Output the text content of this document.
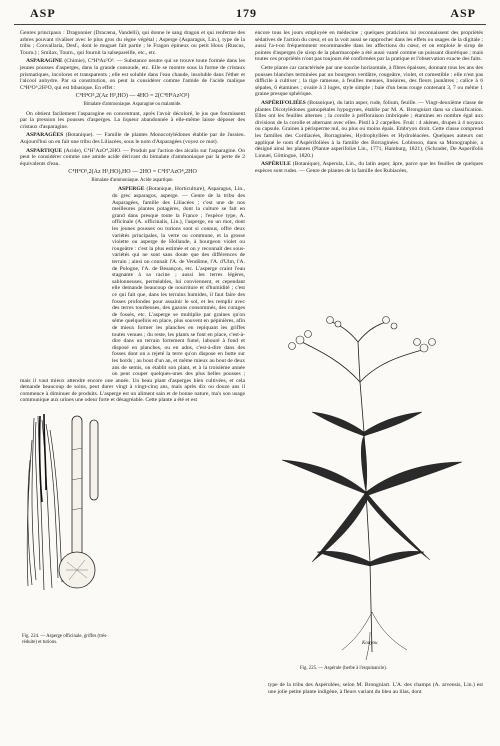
ASP	179	ASP

Genres principaux : Dragonnier (Dracæna, Vandelli), qui donne le sang dragon et qui renferme des arbres pouvant rivaliser avec le plus gros du règne végétal ; Asperge (Asparagus, Lin.), type de la tribu ; Convallaria, Desf., dont le muguet fait partie ; le Fragon épineux ou petit Houx (Ruscus, Tourn.) ; Smilax, Tourn., qui fournit la salsepareille, etc., etc.

ASPARAGINE (Chimie), C⁴H⁸Az²O³. — Substance neutre qui se trouve toute formée dans les jeunes pousses d'asperges, dans la grande consoude, etc. Elle se montre sous la forme de cristaux prismatiques, incolores et transparents ; elle est soluble dans l'eau chaude, insoluble dans l'éther et l'alcool anhydre. Par sa constitution, on peut la considérer comme l'amide de l'acide malique C⁴H⁶O⁵,2H²O, qui est bibasique. En effet :

C⁴H⁴O⁵,2(Az H³,HO) — 4HO = 2(C⁴H⁸Az²O³)

Bimalate d'ammoniaque. Asparagine ou malamide.

On obtient facilement l'asparagine en concentrant, après l'avoir décoloré, le jus que fournissent par la pression les pousses d'asperges. La liqueur abandonnée à elle-même laisse déposer des cristaux d'asparagine.

ASPARAGÉES (Botanique). — Famille de plantes Monocotylédones établie par de Jussieu. Aujourd'hui on en fait une tribu des Liliacées, sous le nom d'Asparagées (voyez ce mot).

ASPARTIQUE (Acide), C⁴H⁷AzO⁴,2HO. — Produit par l'action des alcalis sur l'asparagine. On peut le considérer comme une amide acide dérivant du bimalate d'ammoniaque par la perte de 2 équivalents d'eau.

C⁴H⁴O⁵,2(Az H³,HO),HO — 2HO = C⁴H⁷AzO⁴,2HO

Bimalate d'ammoniaque. Acide aspartique.

ASPERGE (Botanique, Horticulture), Asparagus, Lin., du grec asparagos, asperge. — Genre de la tribu des Asparagées, famille des Liliacées ; c'est une de nos meilleures plantes potagères, dont la culture se fait en grand dans presque toute la France ; l'espèce type, A. officinale (A. officinalis, Lin.), l'asperge, en un mot, dont les jeunes pousses ou turions sont si connus, offre deux variétés principales, la verte ou commune, et la grosse violette ou asperge de Hollande, à bourgeon violet ou rougeâtre : c'est la plus estimée et on y reconnaît des sous-variétés qui ne sont sans doute que des différences de terrain ; ainsi on connaît l'A. de Vendôme, l'A. d'Ulm, l'A. de Pologne, l'A. de Besançon, etc. L'asperge craint l'eau stagnante à sa racine ; aussi les terres légères, sablonneuses, perméables, lui conviennent, et cependant elle demande beaucoup de nourriture et d'humidité ; c'est ce qui fait que, dans les terrains humides, il faut faire des fosses profondes pour assainir le sol, et les remplir avec des terres tourbeuses, des gazons consommés, des curages de fossés, etc. L'asperge se multiplie par graines qu'on sème quelquefois en place, plus souvent en pépinières, afin de mieux former les planches en repiquant les griffes toutes venues ; du reste, les plants se font en place, c'est-à-dire dans un terrain fortement fumé, labouré à fond et disposé en planches, ou en ados, c'est-à-dire dans des fosses dont on a rejeté la terre qu'on dispose en butte sur les bords ; au bout d'un an, et même mieux au bout de deux ans de semis, on établit son plant, et à la troisième année on peut couper quelques-unes des plus belles pousses ; mais il vaut mieux attendre encore une année. Un beau plant d'asperges bien cultivées, et cela demande beaucoup de soins, peut durer vingt à vingt-cinq ans, mais après dix ou douze ans il commence à diminuer de produits. L'asperge est un aliment sain et de bonne nature, ma's son usage communique aux urines une odeur forte et désagréable. Cette plante a été et est

Fig. 224. — Asperge officinale, griffes (très-réduite) et turions.

encore tous les jours employée en médecine ; quelques praticiens lui reconnaissent des propriétés sédatives de l'action du cœur, et on la voit aussi se rapprocher dans les effets ou usages de la digitale ; aussi l'a-t-on fréquemment recommandée dans les affections du cœur, et on emploie le sirop de pointes d'asperges (le sirop de la pharmacopée a été aussi vanté comme un puissant diurétique ; mais toutes ces propriétés n'ont pas toujours été confirmées par la pratique et l'observation exacte des faits.

Cette plante car caractérisée par une souche horizontale, à fibres épaisses, donnant tous les ans des pousses blanches terminées par un bourgeon verdâtre, rougeâtre, violet, et comestible : elle n'est pas difficile à cultiver ; la tige rameuse, à feuilles menues, linéaires, des fleurs jaunâtres ; calice à 6 sépales, 6 étamines ; ovaire à 3 loges, style simple ; baie d'un beau rouge contenant 3, 7 ou même 1 graine presque sphérique.

ASPÉRIFOLIÉES (Botanique), du latin asper, rude, folium, feuille. — Vingt-deuxième classe de plantes Dicotylédones gamopétales hypogynes, établie par M. A. Brongniart dans sa classification. Elles ont les feuilles alternes ; la corolle à préfloraison imbriquée ; étamines en nombre égal aux divisions de la corolle et alternant avec elles. Pistil à 2 carpelles. Fruit : 4 akènes, drupes à 4 noyaux ou capsule. Graines à périsperme nul, ou plus ou moins épais. Embryon droit. Cette classe comprend les familles des Cordiacées, Borraginées, Hydrophyllées et Hydroléacées. Quelques auteurs ont appliqué le nom d'Aspérifoliées à la famille des Borraginées. Lobinson, dans sa Monographie, a désigné ainsi les plantes (Plantæ asperifoliæ Lin., 1771, Hamburg, 1821), (Schrader, De Asperifolis Linnæi, Göttingue, 1820.)

ASPÉRULE (Botanique), Asperula, Lin., du latin asper, âpre, parce que les feuilles de quelques espèces sont rudes. — Genre de plantes de la famille des Rubiacées,

Kouyou
Fig. 225. — Aspérule (herbe à l'esquinancie).

type de la tribu des Aspérulées, selon M. Brongniart. L'A. des champs (A. arvensis, Lin.) est une jolie petite plante indigène, à fleurs variant du bleu au lilas, dont
